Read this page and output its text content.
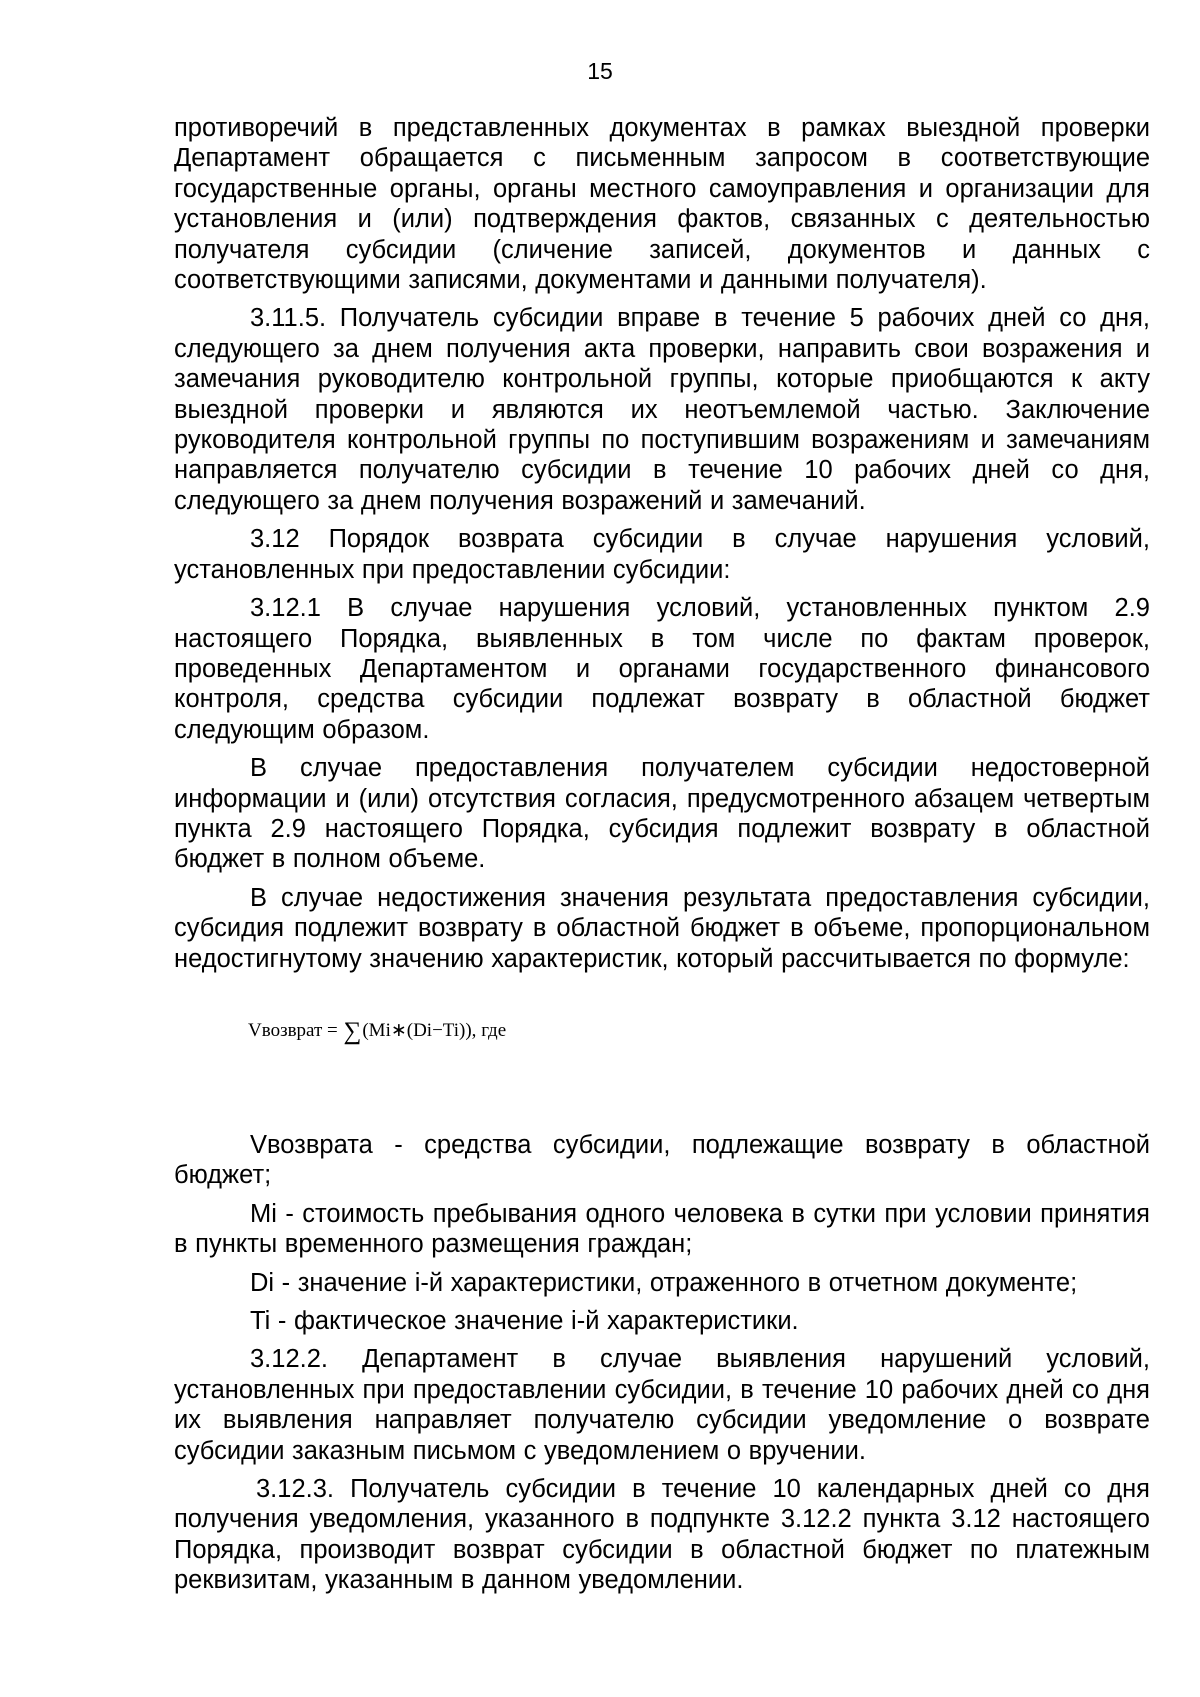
15

противоречий в представленных документах в рамках выездной проверки Департамент обращается с письменным запросом в соответствующие государственные органы, органы местного самоуправления и организации для установления и (или) подтверждения фактов, связанных с деятельностью получателя субсидии (сличение записей, документов и данных с соответствующими записями, документами и данными получателя).

3.11.5. Получатель субсидии вправе в течение 5 рабочих дней со дня, следующего за днем получения акта проверки, направить свои возражения и замечания руководителю контрольной группы, которые приобщаются к акту выездной проверки и являются их неотъемлемой частью. Заключение руководителя контрольной группы по поступившим возражениям и замечаниям направляется получателю субсидии в течение 10 рабочих дней со дня, следующего за днем получения возражений и замечаний.

3.12 Порядок возврата субсидии в случае нарушения условий, установленных при предоставлении субсидии:

3.12.1 В случае нарушения условий, установленных пунктом 2.9 настоящего Порядка, выявленных в том числе по фактам проверок, проведенных Департаментом и органами государственного финансового контроля, средства субсидии подлежат возврату в областной бюджет следующим образом.

В случае предоставления получателем субсидии недостоверной информации и (или) отсутствия согласия, предусмотренного абзацем четвертым пункта 2.9 настоящего Порядка, субсидия подлежит возврату в областной бюджет в полном объеме.

В случае недостижения значения результата предоставления субсидии, субсидия подлежит возврату в областной бюджет в объеме, пропорциональном недостигнутому значению характеристик, который рассчитывается по формуле:

Vвозврат = ∑(Mi∗(Di−Ti)), где

Vвозврата - средства субсидии, подлежащие возврату в областной бюджет;

Mi - стоимость пребывания одного человека в сутки при условии принятия в пункты временного размещения граждан;

Di - значение i-й характеристики, отраженного в отчетном документе;

Ti - фактическое значение i-й характеристики.

3.12.2. Департамент в случае выявления нарушений условий, установленных при предоставлении субсидии, в течение 10 рабочих дней со дня их выявления направляет получателю субсидии уведомление о возврате субсидии заказным письмом с уведомлением о вручении.

3.12.3. Получатель субсидии в течение 10 календарных дней со дня получения уведомления, указанного в подпункте 3.12.2 пункта 3.12 настоящего Порядка, производит возврат субсидии в областной бюджет по платежным реквизитам, указанным в данном уведомлении.
